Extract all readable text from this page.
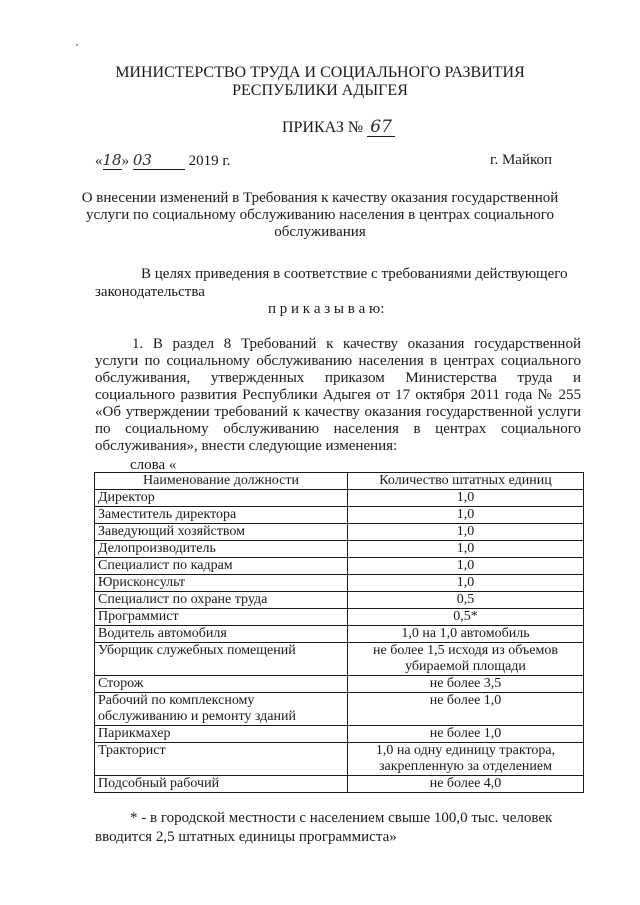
МИНИСТЕРСТВО ТРУДА И СОЦИАЛЬНОГО РАЗВИТИЯ
РЕСПУБЛИКИ АДЫГЕЯ
ПРИКАЗ № 67
«18» 03 2019 г.	г. Майкоп
О внесении изменений в Требования к качеству оказания государственной
услуги по социальному обслуживанию населения в центрах социального
обслуживания
В целях приведения в соответствие с требованиями действующего
законодательства
п р и к а з ы в а ю:
1. В раздел 8 Требований к качеству оказания государственной
услуги по социальному обслуживанию населения в центрах социального
обслуживания, утвержденных приказом Министерства труда и
социального развития Республики Адыгея от 17 октября 2011 года № 255
«Об утверждении требований к качеству оказания государственной услуги
по социальному обслуживанию населения в центрах социального
обслуживания», внести следующие изменения:
слова «
Наименование должности	Количество штатных единиц
Директор	1,0
Заместитель директора	1,0
Заведующий хозяйством	1,0
Делопроизводитель	1,0
Специалист по кадрам	1,0
Юрисконсульт	1,0
Специалист по охране труда	0,5
Программист	0,5*
Водитель автомобиля	1,0 на 1,0 автомобиль
Уборщик служебных помещений	не более 1,5 исходя из объемов
убираемой площади

Сторож	не более 3,5

Рабочий по комплексному
обслуживанию и ремонту зданий	не более 1,0
Парикмахер	не более 1,0
Тракторист	1,0 на одну единицу трактора,
закрепленную за отделением

Подсобный рабочий	не более 4,0
* - в городской местности с населением свыше 100,0 тыс. человек
вводится 2,5 штатных единицы программиста»
